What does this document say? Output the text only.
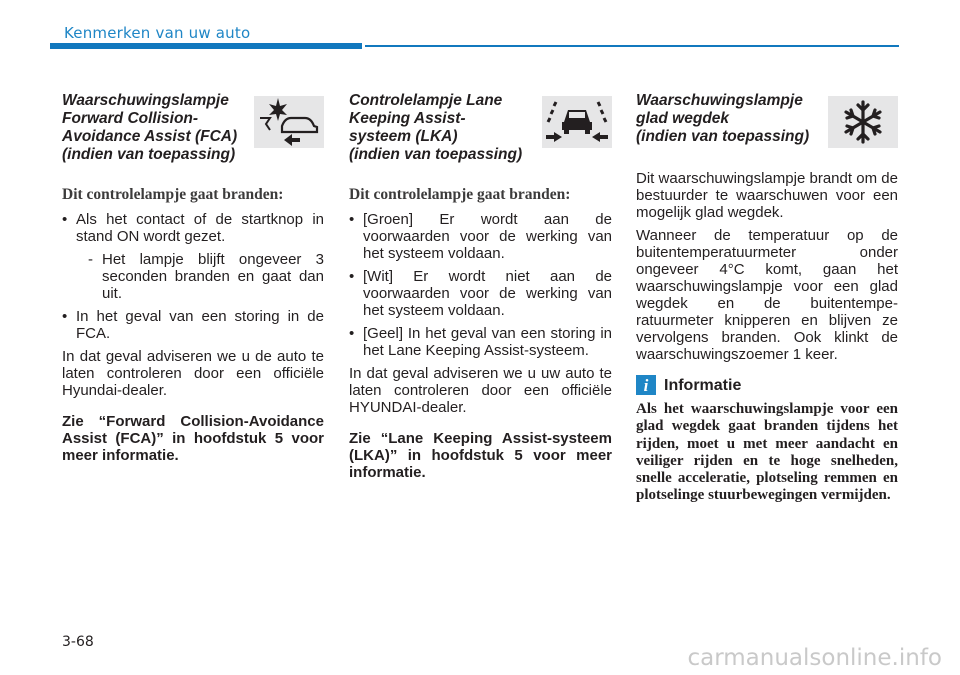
Kenmerken van uw auto
Waarschuwingslampje
Forward Collision-
Avoidance Assist (FCA)
(indien van toepassing)
Dit controlelampje gaat branden:
• Als het contact of de startknop in stand ON wordt gezet.
- Het lampje blijft ongeveer 3 seconden branden en gaat dan uit.
• In het geval van een storing in de FCA.

In dat geval adviseren we u de auto te laten controleren door een officiële Hyundai-dealer.

Zie “Forward Collision-Avoidance Assist (FCA)” in hoofdstuk 5 voor meer informatie.

Controlelampje Lane
Keeping Assist-
systeem (LKA)
(indien van toepassing)
Dit controlelampje gaat branden:
• [Groen] Er wordt aan de voorwaarden voor de werking van het systeem voldaan.
• [Wit] Er wordt niet aan de voorwaarden voor de werking van het systeem voldaan.
• [Geel] In het geval van een storing in het Lane Keeping Assist-systeem.

In dat geval adviseren we u uw auto te laten controleren door een officiële HYUNDAI-dealer.

Zie “Lane Keeping Assist-systeem (LKA)” in hoofdstuk 5 voor meer informatie.

Waarschuwingslampje
glad wegdek
(indien van toepassing)

Dit waarschuwingslampje brandt om de bestuurder te waarschuwen voor een mogelijk glad wegdek.

Wanneer de temperatuur op de buitentemperatuurmeter onder ongeveer 4°C komt, gaan het waarschuwingslampje voor een glad wegdek en de buitentempe-ratuurmeter knipperen en blijven ze vervolgens branden. Ook klinkt de waarschuwingszoemer 1 keer.

i Informatie
Als het waarschuwingslampje voor een glad wegdek gaat branden tijdens het rijden, moet u met meer aandacht en veiliger rijden en te hoge snelheden, snelle acceleratie, plotseling remmen en plotselinge stuurbewegingen vermijden.
3-68
carmanualsonline.info
